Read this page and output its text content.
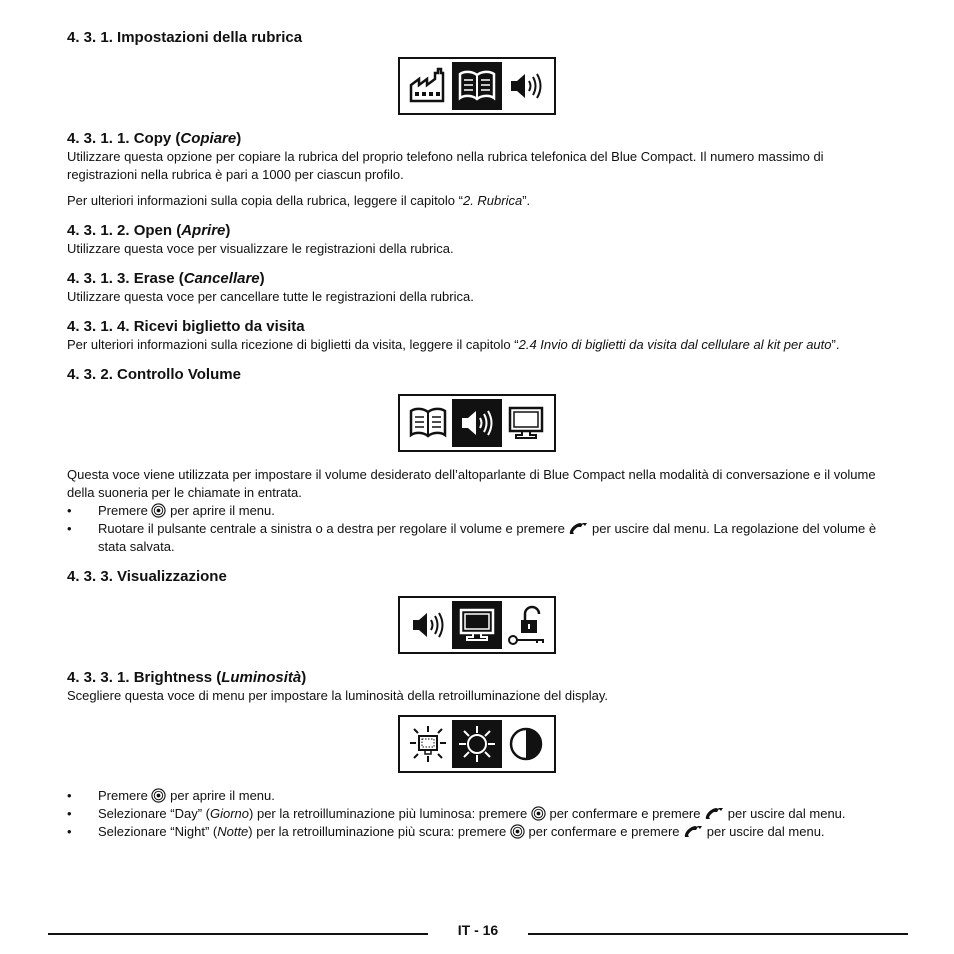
4. 3. 1. Impostazioni della rubrica
4. 3. 1. 1. Copy (Copiare)

Utilizzare questa opzione per copiare la rubrica del proprio telefono nella rubrica telefonica del Blue Compact. Il numero massimo di registrazioni nella rubrica è pari a 1000 per ciascun profilo.

Per ulteriori informazioni sulla copia della rubrica, leggere il capitolo “2. Rubrica”.

4. 3. 1. 2. Open (Aprire)

Utilizzare questa voce per visualizzare le registrazioni della rubrica.

4. 3. 1. 3. Erase (Cancellare)

Utilizzare questa voce per cancellare tutte le registrazioni della rubrica.

4. 3. 1. 4. Ricevi biglietto da visita

Per ulteriori informazioni sulla ricezione di biglietti da visita, leggere il capitolo “2.4 Invio di biglietti da visita dal cellulare al kit per auto”.

4. 3. 2. Controllo Volume

Questa voce viene utilizzata per impostare il volume desiderato dell’altoparlante di Blue Compact nella modalità di conversazione e il volume della suoneria per le chiamate in entrata.

• Premere per aprire il menu.
• Ruotare il pulsante centrale a sinistra o a destra per regolare il volume e premere per uscire dal menu. La regolazione del volume è stata salvata.
4. 3. 3. Visualizzazione
4. 3. 3. 1. Brightness (Luminosità)

Scegliere questa voce di menu per impostare la luminosità della retroilluminazione del display.

• Premere per aprire il menu.
• Selezionare “Day” (Giorno) per la retroilluminazione più luminosa: premere per confermare e premere per uscire dal menu.
• Selezionare “Night” (Notte) per la retroilluminazione più scura: premere per confermare e premere per uscire dal menu.
IT - 16
